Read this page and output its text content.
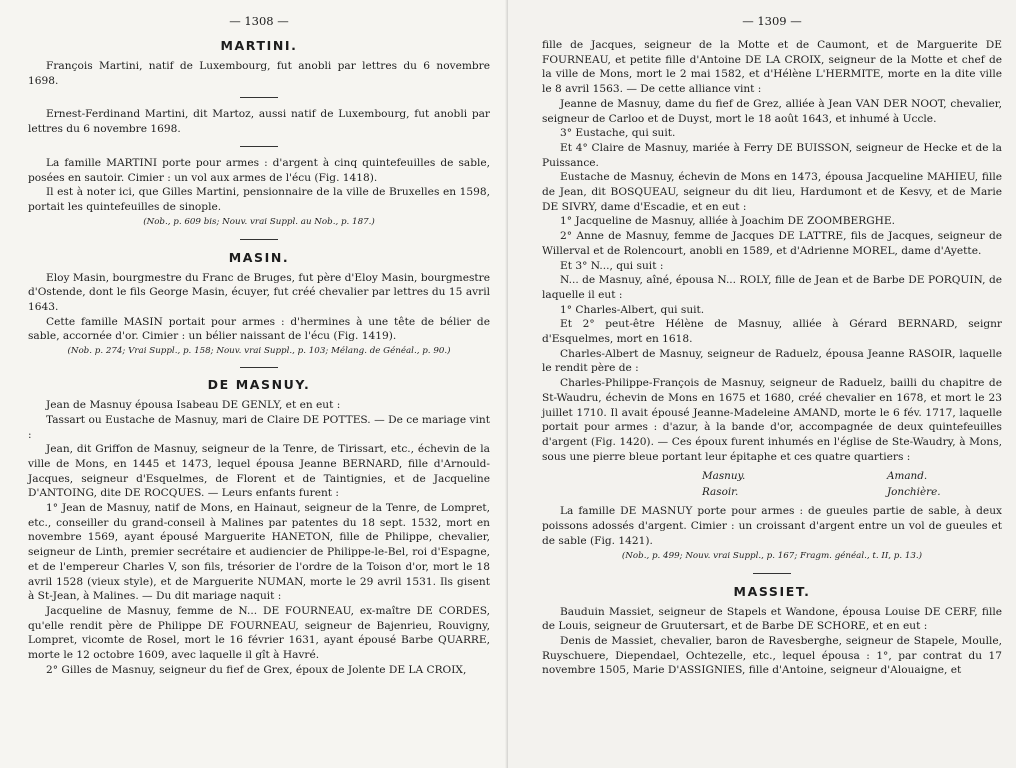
— 1308 —
MARTINI.

François Martini, natif de Luxembourg, fut anobli par lettres du 6 novembre 1698.

Ernest-Ferdinand Martini, dit Martoz, aussi natif de Luxembourg, fut anobli par lettres du 6 novembre 1698.

La famille MARTINI porte pour armes : d'argent à cinq quintefeuilles de sable, posées en sautoir. Cimier : un vol aux armes de l'écu (Fig. 1418).

Il est à noter ici, que Gilles Martini, pensionnaire de la ville de Bruxelles en 1598, portait les quintefeuilles de sinople.

(Nob., p. 609 bis; Nouv. vrai Suppl. au Nob., p. 187.)
MASIN.

Eloy Masin, bourgmestre du Franc de Bruges, fut père d'Eloy Masin, bourgmestre d'Ostende, dont le fils George Masin, écuyer, fut créé chevalier par lettres du 15 avril 1643.

Cette famille MASIN portait pour armes : d'hermines à une tête de bélier de sable, accornée d'or. Cimier : un bélier naissant de l'écu (Fig. 1419).

(Nob. p. 274; Vrai Suppl., p. 158; Nouv. vrai Suppl., p. 103; Mélang. de Généal., p. 90.)
DE MASNUY.

Jean de Masnuy épousa Isabeau DE GENLY, et en eut :

Tassart ou Eustache de Masnuy, mari de Claire DE POTTES. — De ce mariage vint :

Jean, dit Griffon de Masnuy, seigneur de la Tenre, de Tirissart, etc., échevin de la ville de Mons, en 1445 et 1473, lequel épousa Jeanne BERNARD, fille d'Arnould-Jacques, seigneur d'Esquelmes, de Florent et de Taintignies, et de Jacqueline D'ANTOING, dite DE ROCQUES. — Leurs enfants furent :

1° Jean de Masnuy, natif de Mons, en Hainaut, seigneur de la Tenre, de Lompret, etc., conseiller du grand-conseil à Malines par patentes du 18 sept. 1532, mort en novembre 1569, ayant épousé Marguerite HANETON, fille de Philippe, chevalier, seigneur de Linth, premier secrétaire et audiencier de Philippe-le-Bel, roi d'Espagne, et de l'empereur Charles V, son fils, trésorier de l'ordre de la Toison d'or, mort le 18 avril 1528 (vieux style), et de Marguerite NUMAN, morte le 29 avril 1531. Ils gisent à St-Jean, à Malines. — Du dit mariage naquit :

Jacqueline de Masnuy, femme de N... DE FOURNEAU, ex-maître DE CORDES, qu'elle rendit père de Philippe DE FOURNEAU, seigneur de Bajenrieu, Rouvigny, Lompret, vicomte de Rosel, mort le 16 février 1631, ayant épousé Barbe QUARRE, morte le 12 octobre 1609, avec laquelle il gît à Havré.

2° Gilles de Masnuy, seigneur du fief de Grex, époux de Jolente DE LA CROIX,

— 1309 —

fille de Jacques, seigneur de la Motte et de Caumont, et de Marguerite DE FOURNEAU, et petite fille d'Antoine DE LA CROIX, seigneur de la Motte et chef de la ville de Mons, mort le 2 mai 1582, et d'Hélène L'HERMITE, morte en la dite ville le 8 avril 1563. — De cette alliance vint :

Jeanne de Masnuy, dame du fief de Grez, alliée à Jean VAN DER NOOT, chevalier, seigneur de Carloo et de Duyst, mort le 18 août 1643, et inhumé à Uccle.

3° Eustache, qui suit.

Et 4° Claire de Masnuy, mariée à Ferry DE BUISSON, seigneur de Hecke et de la Puissance.

Eustache de Masnuy, échevin de Mons en 1473, épousa Jacqueline MAHIEU, fille de Jean, dit BOSQUEAU, seigneur du dit lieu, Hardumont et de Kesvy, et de Marie DE SIVRY, dame d'Escadie, et en eut :

1° Jacqueline de Masnuy, alliée à Joachim DE ZOOMBERGHE.

2° Anne de Masnuy, femme de Jacques DE LATTRE, fils de Jacques, seigneur de Willerval et de Rolencourt, anobli en 1589, et d'Adrienne MOREL, dame d'Ayette.

Et 3° N..., qui suit :

N... de Masnuy, aîné, épousa N... ROLY, fille de Jean et de Barbe DE PORQUIN, de laquelle il eut :

1° Charles-Albert, qui suit.

Et 2° peut-être Hélène de Masnuy, alliée à Gérard BERNARD, seignr d'Esquelmes, mort en 1618.

Charles-Albert de Masnuy, seigneur de Raduelz, épousa Jeanne RASOIR, laquelle le rendit père de :

Charles-Philippe-François de Masnuy, seigneur de Raduelz, bailli du chapitre de St-Waudru, échevin de Mons en 1675 et 1680, créé chevalier en 1678, et mort le 23 juillet 1710. Il avait épousé Jeanne-Madeleine AMAND, morte le 6 fév. 1717, laquelle portait pour armes : d'azur, à la bande d'or, accompagnée de deux quintefeuilles d'argent (Fig. 1420). — Ces époux furent inhumés en l'église de Ste-Waudry, à Mons, sous une pierre bleue portant leur épitaphe et ces quatre quartiers :

Masnuy.	Amand.
Rasoir.	Jonchière.

La famille DE MASNUY porte pour armes : de gueules partie de sable, à deux poissons adossés d'argent. Cimier : un croissant d'argent entre un vol de gueules et de sable (Fig. 1421).

(Nob., p. 499; Nouv. vrai Suppl., p. 167; Fragm. généal., t. II, p. 13.)
MASSIET.

Bauduin Massiet, seigneur de Stapels et Wandone, épousa Louise DE CERF, fille de Louis, seigneur de Gruutersart, et de Barbe DE SCHORE, et en eut :

Denis de Massiet, chevalier, baron de Ravesberghe, seigneur de Stapele, Moulle, Ruyschuere, Diependael, Ochtezelle, etc., lequel épousa : 1°, par contrat du 17 novembre 1505, Marie D'ASSIGNIES, fille d'Antoine, seigneur d'Alouaigne, et
